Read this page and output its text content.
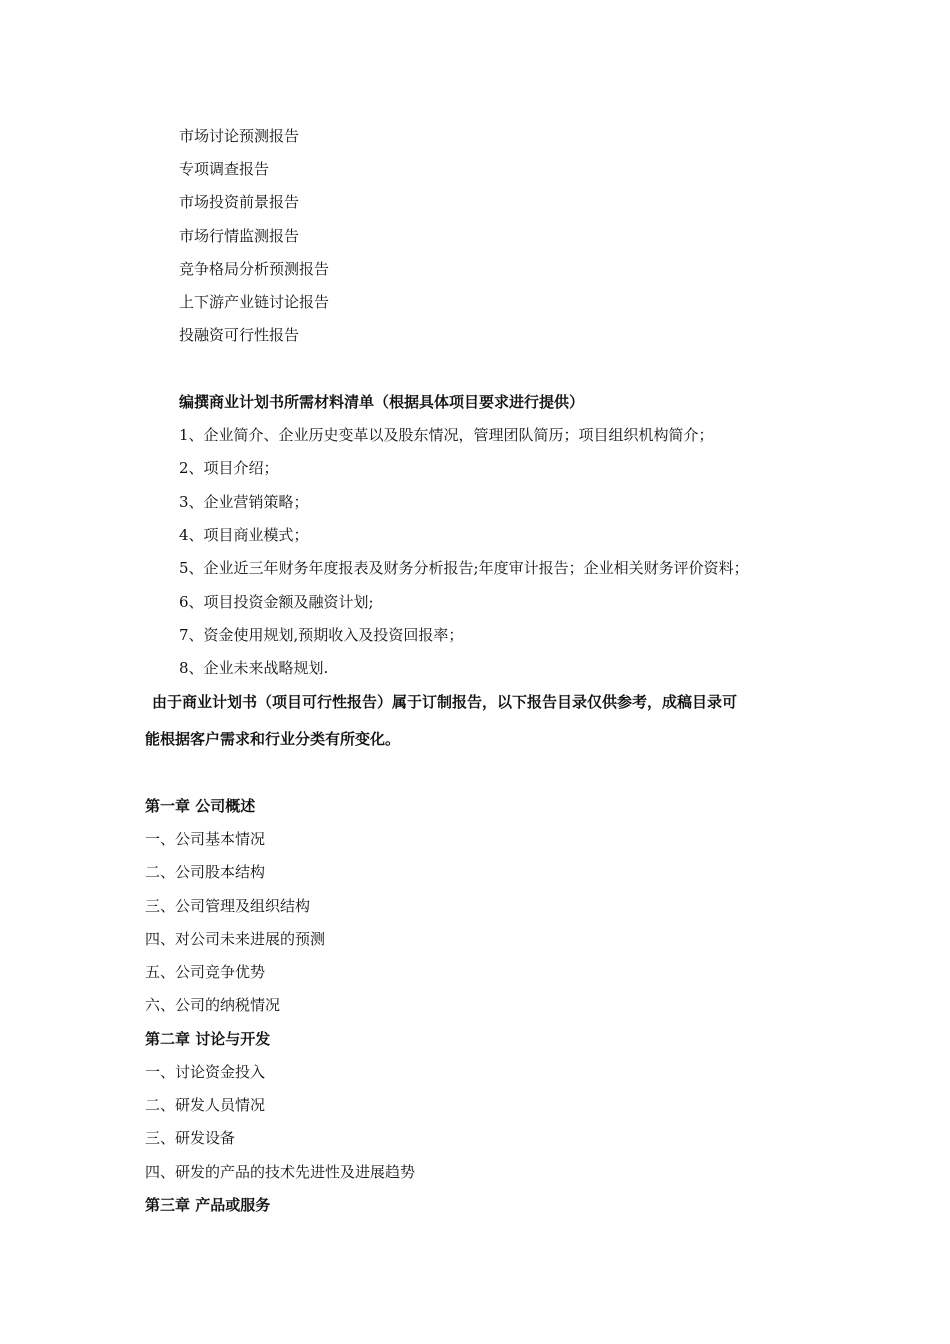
市场讨论预测报告
专项调查报告
市场投资前景报告
市场行情监测报告
竞争格局分析预测报告
上下游产业链讨论报告
投融资可行性报告
编撰商业计划书所需材料清单（根据具体项目要求进行提供）
1、企业简介、企业历史变革以及股东情况，管理团队简历；项目组织机构简介；
2、项目介绍；
3、企业营销策略；
4、项目商业模式；
5、企业近三年财务年度报表及财务分析报告;年度审计报告；企业相关财务评价资料；
6、项目投资金额及融资计划;
7、资金使用规划,预期收入及投资回报率；
8、企业未来战略规划.
由于商业计划书（项目可行性报告）属于订制报告，以下报告目录仅供参考，成稿目录可
能根据客户需求和行业分类有所变化。
第一章 公司概述
一、公司基本情况
二、公司股本结构
三、公司管理及组织结构
四、对公司未来进展的预测
五、公司竞争优势
六、公司的纳税情况
第二章 讨论与开发
一、讨论资金投入
二、研发人员情况
三、研发设备
四、研发的产品的技术先进性及进展趋势
第三章 产品或服务
